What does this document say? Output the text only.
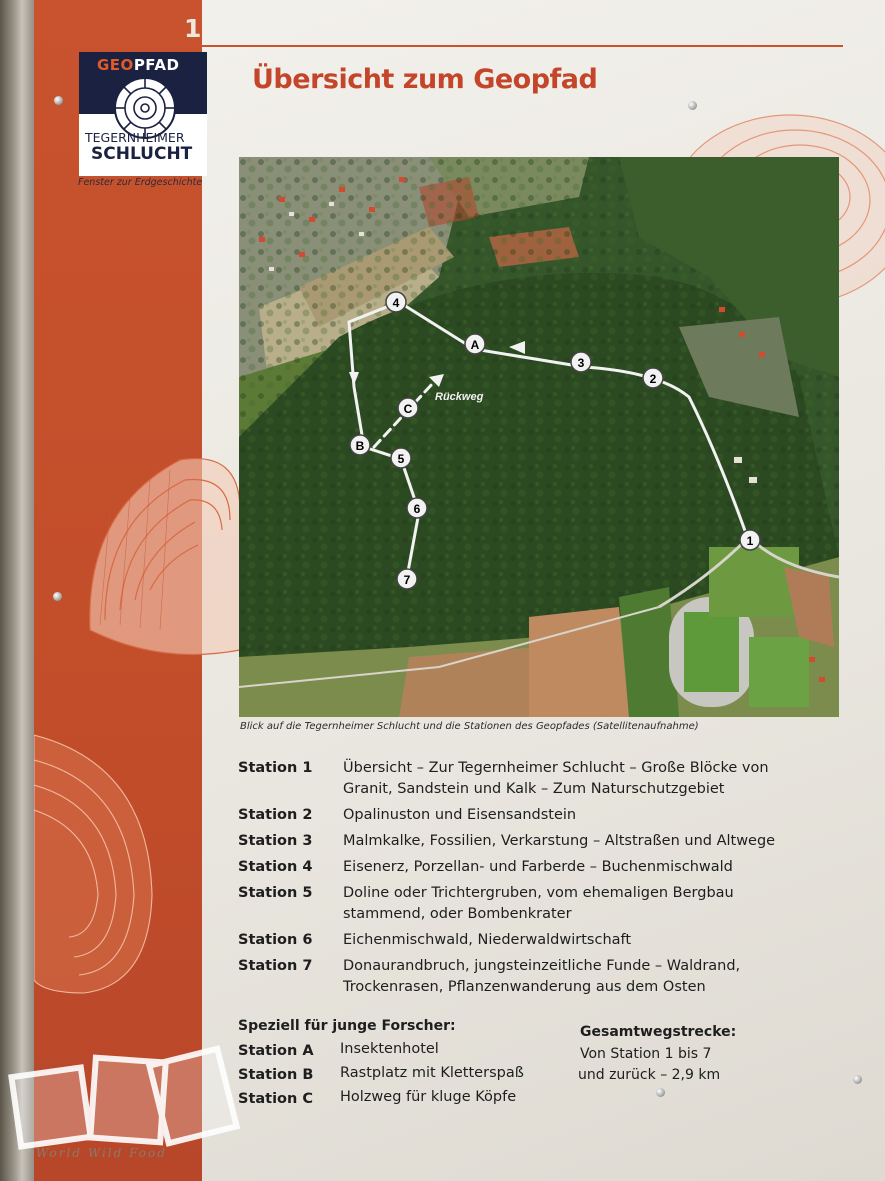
1
GEOPFAD
TEGERNHEIMER
SCHLUCHT
Fenster zur Erdgeschichte
Übersicht zum Geopfad
1
2
3
4
5
6
7
A
B
C
Rückweg
Blick auf die Tegernheimer Schlucht und die Stationen des Geopfades (Satellitenaufnahme)
Station 1	Übersicht – Zur Tegernheimer Schlucht – Große Blöcke von Granit, Sandstein und Kalk – Zum Naturschutzgebiet
Station 2	Opalinuston und Eisensandstein
Station 3	Malmkalke, Fossilien, Verkarstung – Altstraßen und Altwege
Station 4	Eisenerz, Porzellan- und Farberde – Buchenmischwald
Station 5	Doline oder Trichtergruben, vom ehemaligen Bergbau stammend, oder Bombenkrater
Station 6	Eichenmischwald, Niederwaldwirtschaft
Station 7	Donaurandbruch, jungsteinzeitliche Funde – Waldrand, Trockenrasen, Pflanzenwanderung aus dem Osten
Speziell für junge Forscher:
Station A	Insektenhotel
Station B	Rastplatz mit Kletterspaß
Station C	Holzweg für kluge Köpfe
Gesamtwegstrecke:
Von Station 1 bis 7
und zurück – 2,9 km
World Wild Food
